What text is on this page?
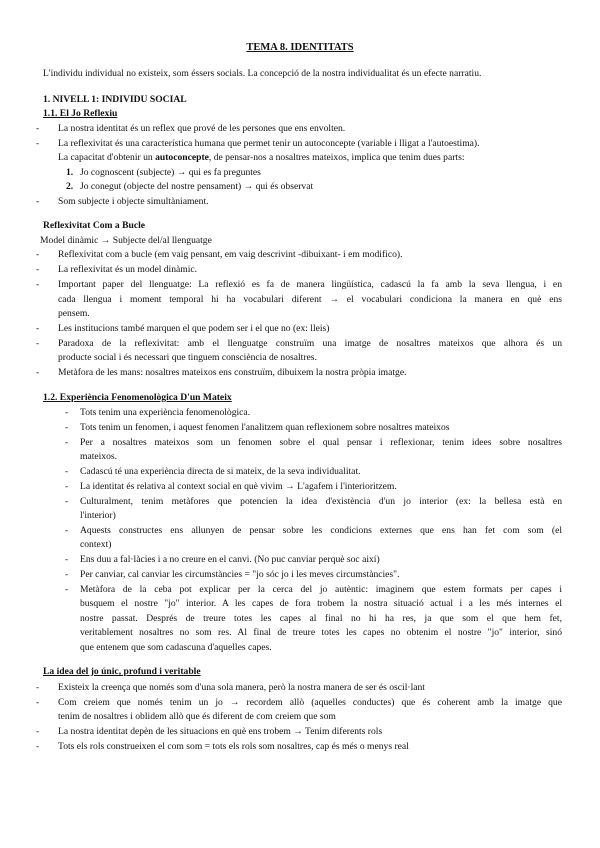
TEMA 8. IDENTITATS
L'individu individual no existeix, som éssers socials. La concepció de la nostra individualitat és un efecte narratiu.
1. NIVELL 1: INDIVIDU SOCIAL
1.1. El Jo Reflexiu
- La nostra identitat és un reflex que prové de les persones que ens envolten.
- La reflexivitat és una característica humana que permet tenir un autoconcepte (variable i lligat a l'autoestima).
La capacitat d'obtenir un autoconcepte, de pensar-nos a nosaltres mateixos, implica que tenim dues parts:
1. Jo cognoscent (subjecte) → qui es fa preguntes
2. Jo conegut (objecte del nostre pensament) → qui és observat
- Som subjecte i objecte simultàniament.
Reflexivitat Com a Bucle
Model dinàmic → Subjecte del/al llenguatge
- Reflexivitat com a bucle (em vaig pensant, em vaig descrivint -dibuixant- i em modifico).
- La reflexivitat és un model dinàmic.
- Important paper del llenguatge: La reflexió es fa de manera lingüística, cadascú la fa amb la seva llengua, i en
cada llengua i moment temporal hi ha vocabulari diferent → el vocabulari condiciona la manera en què ens
pensem.
- Les institucions també marquen el que podem ser i el que no (ex: lleis)
- Paradoxa de la reflexivitat: amb el llenguatge construïm una imatge de nosaltres mateixos que alhora és un
producte social i és necessari que tinguem consciència de nosaltres.
- Metàfora de les mans: nosaltres mateixos ens construïm, dibuixem la nostra pròpia imatge.
1.2. Experiència Fenomenològica D'un Mateix
- Tots tenim una experiència fenomenològica.
- Tots tenim un fenomen, i aquest fenomen l'analitzem quan reflexionem sobre nosaltres mateixos
- Per a nosaltres mateixos som un fenomen sobre el qual pensar i reflexionar, tenim idees sobre nosaltres
mateixos.
- Cadascú té una experiència directa de si mateix, de la seva individualitat.
- La identitat és relativa al context social en què vivim → L'agafem i l'interioritzem.
- Culturalment, tenim metàfores que potencien la idea d'existència d'un jo interior (ex: la bellesa està en
l'interior)
- Aquests constructes ens allunyen de pensar sobre les condicions externes que ens han fet com som (el
context)
- Ens duu a fal·làcies i a no creure en el canvi. (No puc canviar perquè soc així)
- Per canviar, cal canviar les circumstàncies = "jo sóc jo i les meves circumstàncies".
- Metàfora de la ceba pot explicar per la cerca del jo autèntic: imaginem que estem formats per capes i
busquem el nostre "jo" interior. A les capes de fora trobem la nostra situació actual i a les més internes el
nostre passat. Després de treure totes les capes al final no hi ha res, ja que som el que hem fet,
veritablement nosaltres no som res. Al final de treure totes les capes no obtenim el nostre "jo" interior, sinó
que entenem que som cadascuna d'aquelles capes.
La idea del jo únic, profund i veritable
- Existeix la creença que només som d'una sola manera, però la nostra manera de ser és oscil·lant
- Com creiem que només tenim un jo → recordem allò (aquelles conductes) que és coherent amb la imatge que
tenim de nosaltres i oblidem allò que és diferent de com creiem que som
- La nostra identitat depèn de les situacions en què ens trobem → Tenim diferents rols
- Tots els rols construeixen el com som = tots els rols som nosaltres, cap és més o menys real
